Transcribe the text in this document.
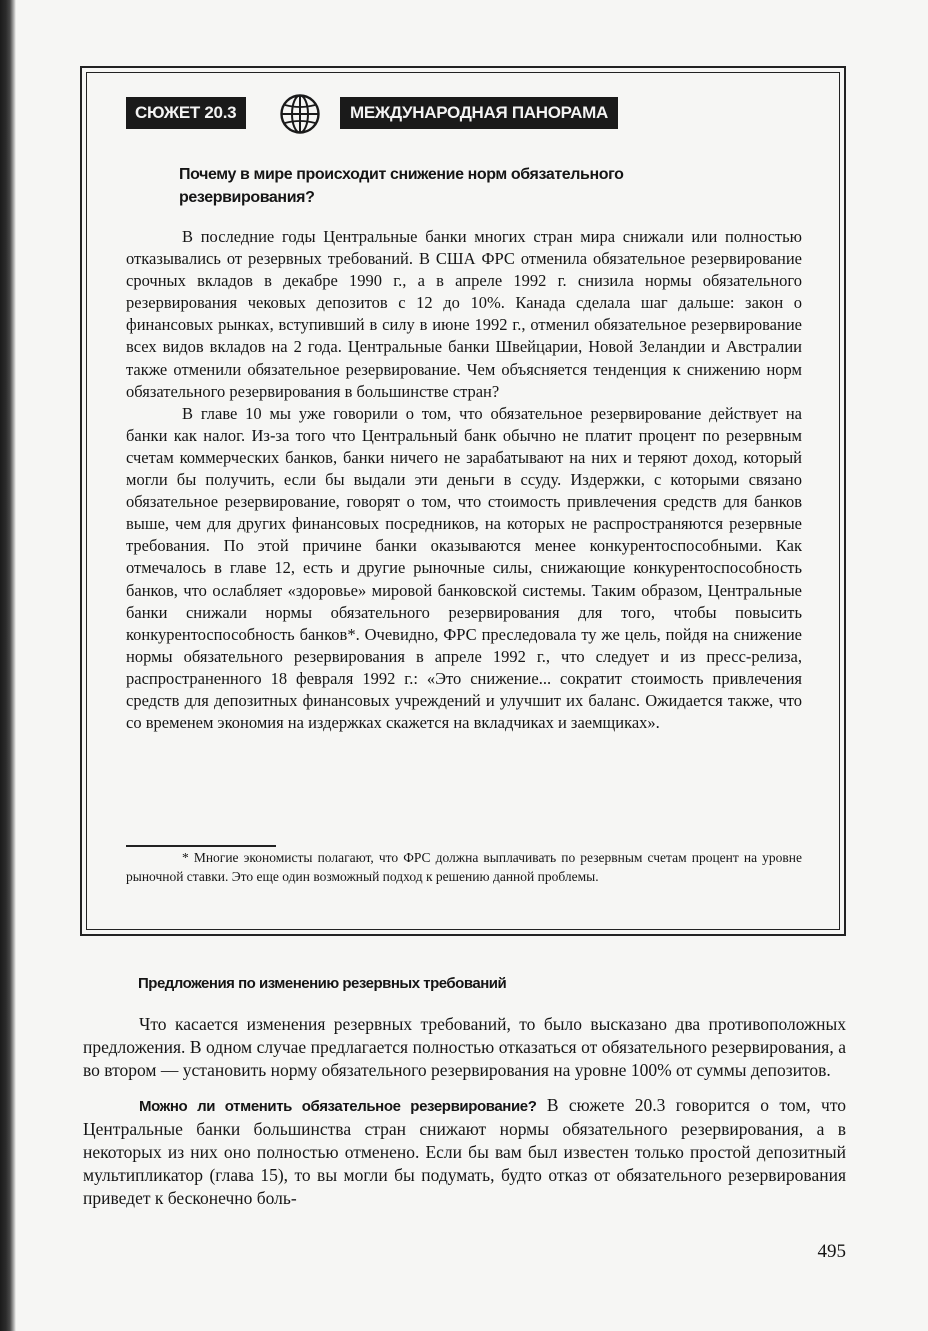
СЮЖЕТ 20.3	МЕЖДУНАРОДНАЯ ПАНОРАМА
Почему в мире происходит снижение норм обязательного резервирования?

В последние годы Центральные банки многих стран мира снижали или полностью отказывались от резервных требований. В США ФРС отменила обязательное резервирование срочных вкладов в декабре 1990 г., а в апреле 1992 г. снизила нормы обязательного резервирования чековых депозитов с 12 до 10%. Канада сделала шаг дальше: закон о финансовых рынках, вступивший в силу в июне 1992 г., отменил обязательное резервирование всех видов вкладов на 2 года. Центральные банки Швейцарии, Новой Зеландии и Австралии также отменили обязательное резервирование. Чем объясняется тенденция к снижению норм обязательного резервирования в большинстве стран?

В главе 10 мы уже говорили о том, что обязательное резервирование действует на банки как налог. Из-за того что Центральный банк обычно не платит процент по резервным счетам коммерческих банков, банки ничего не зарабатывают на них и теряют доход, который могли бы получить, если бы выдали эти деньги в ссуду. Издержки, с которыми связано обязательное резервирование, говорят о том, что стоимость привлечения средств для банков выше, чем для других финансовых посредников, на которых не распространяются резервные требования. По этой причине банки оказываются менее конкурентоспособными. Как отмечалось в главе 12, есть и другие рыночные силы, снижающие конкурентоспособность банков, что ослабляет «здоровье» мировой банковской системы. Таким образом, Центральные банки снижали нормы обязательного резервирования для того, чтобы повысить конкурентоспособность банков*. Очевидно, ФРС преследовала ту же цель, пойдя на снижение нормы обязательного резервирования в апреле 1992 г., что следует и из пресс-релиза, распространенного 18 февраля 1992 г.: «Это снижение... сократит стоимость привлечения средств для депозитных финансовых учреждений и улучшит их баланс. Ожидается также, что со временем экономия на издержках скажется на вкладчиках и заемщиках».

* Многие экономисты полагают, что ФРС должна выплачивать по резервным счетам процент на уровне рыночной ставки. Это еще один возможный подход к решению данной проблемы.

Предложения по изменению резервных требований

Что касается изменения резервных требований, то было высказано два противоположных предложения. В одном случае предлагается полностью отказаться от обязательного резервирования, а во втором — установить норму обязательного резервирования на уровне 100% от суммы депозитов.

Можно ли отменить обязательное резервирование? В сюжете 20.3 говорится о том, что Центральные банки большинства стран снижают нормы обязательного резервирования, а в некоторых из них оно полностью отменено. Если бы вам был известен только простой депозитный мультипликатор (глава 15), то вы могли бы подумать, будто отказ от обязательного резервирования приведет к бесконечно боль-

495
